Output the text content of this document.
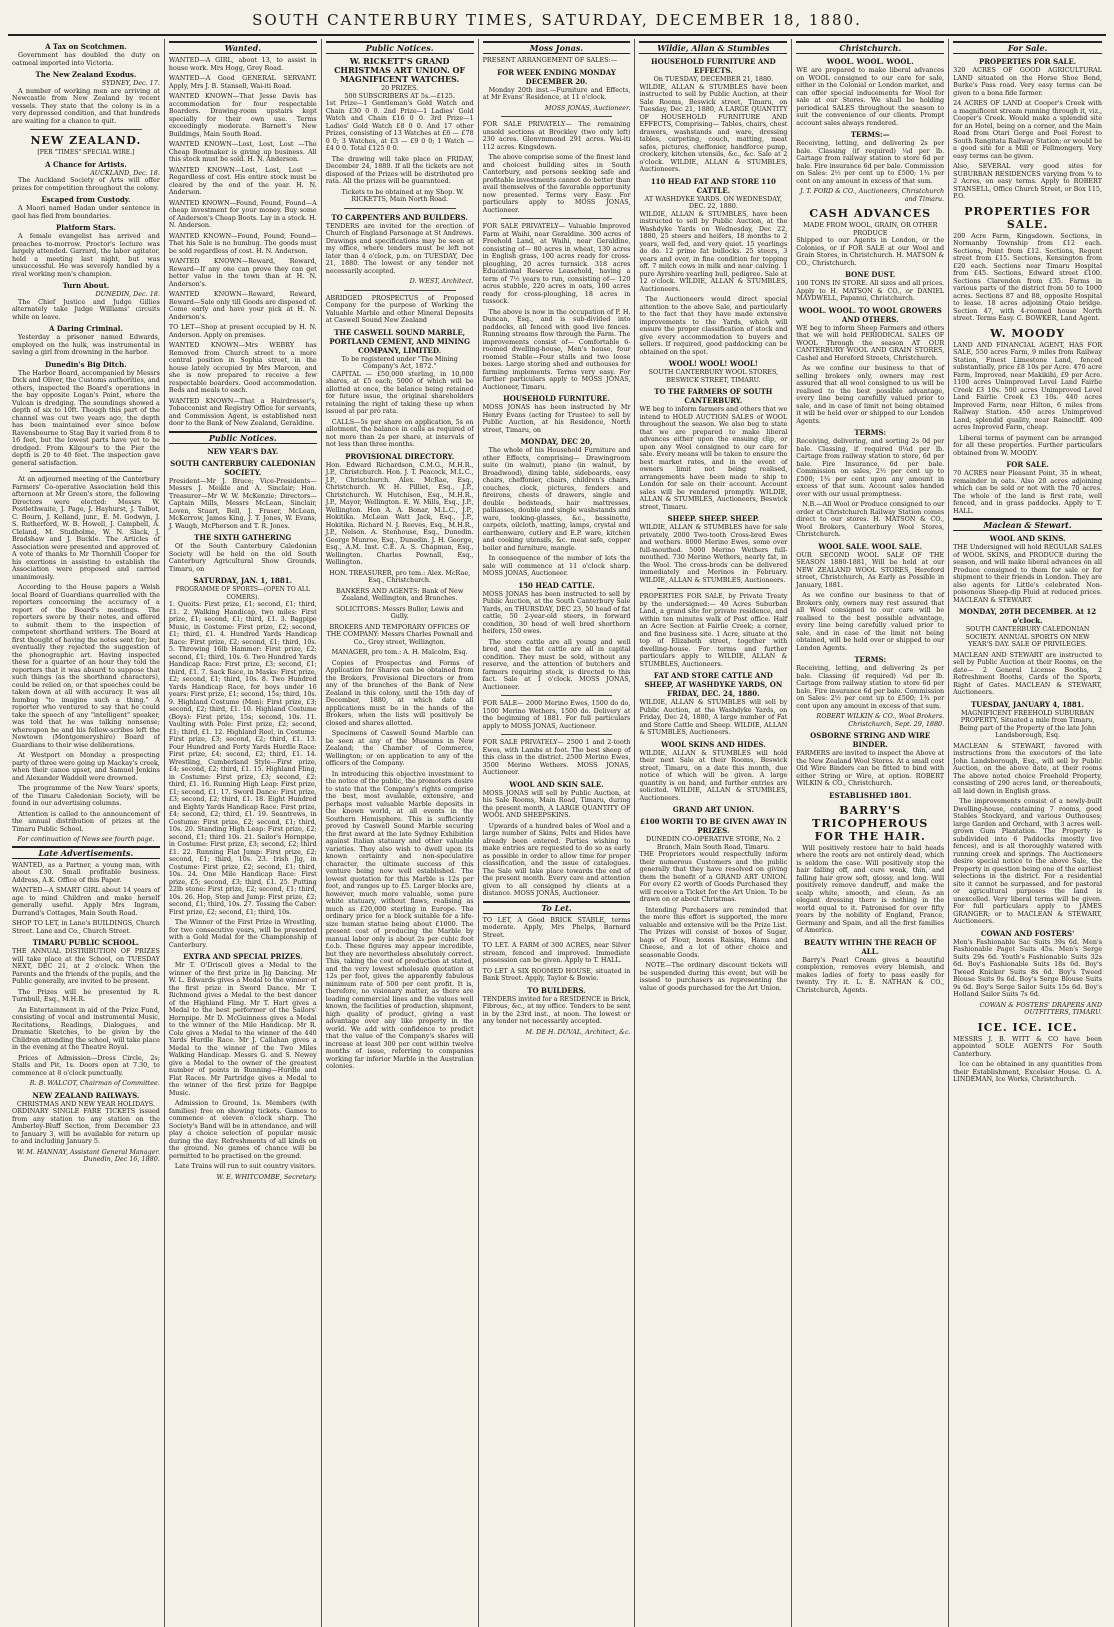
SOUTH CANTERBURY TIMES, SATURDAY, DECEMBER 18, 1880.
A Tax on Scotchmen.

Government has doubled the duty on oatmeal imported into Victoria.

The New Zealand Exodus.
SYDNEY, Dec. 17.

A number of working men are arriving at Newcastle from New Zealand by recent vessels. They state that the colony is in a very depressed condition, and that hundreds are waiting for a chance to quit.

NEW ZEALAND.
[PER "TIMES" SPECIAL WIRE.]
A Chance for Artists.
AUCKLAND, Dec. 18.

The Auckland Society of Arts will offer prizes for competition throughout the colony.

Escaped from Custody.

A Maori named Hadan under sentence in gaol has fled from boundaries.

Platform Stars.

A female evangelist has arrived and preaches to-morrow. Proctor's lecture was largely attended. Garrard, the labor agitator, held a meeting last night, but was unsuccessful. He was severely handled by a rival working men's champion.

Turn About.
DUNEDIN, Dec. 18.

The Chief Justice and Judge Gillies alternately take Judge Williams' circuits while on leave.

A Daring Criminal.

Yesterday a prisoner named Edwards, employed on the hulk, was instrumental in saving a girl from drowning in the harbor.

Dunedin's Big Ditch.

The Harbor Board, accompanied by Messrs Dick and Oliver, the Customs authorities, and others, inspected the Board's operations in the bay opposite Logan's Point, where the Vulcan is dredging. The soundings showed a depth of six to 10ft. Though this part of the channel was cut two years ago, the depth has been maintained ever since below Ravensbourne to Stag Bay it varied from 8 to 16 feet, but the lowest parts have yet to be dredged. From Kilgour's to the Pier the depth is 20 to 40 feet. The inspection gave general satisfaction.

At an adjourned meeting of the Canterbury Farmers' Co-operative Association held this afternoon at Mr Green's store, the following Directors were elected: Messrs W. Postlethwaite, J. Page, J. Hayhurst, J. Talbot, C. Bourn, J. Kelland, junr., E. M. Godwyn, J. S. Rutherford, W. B. Howell, J. Campbell, A. Cleland, M. Studholme, W. N. Slack, J. Bradshaw and J. Buckle. The Articles of Association were presented and approved of. A vote of thanks to Mr Thornhill Cooper for his exertions in assisting to establish the Association were proposed and carried unanimously.

According to the House papers a Welsh local Board of Guardians quarrelled with the reporters concerning the accuracy of a report of the Board's meetings. The reporters swore by their notes, and offered to submit them to the inspection of competent shorthand writers. The Board at first thought of having the notes sent for; but eventually they rejected the suggestion of the phonographic art. Having inspected these for a quarter of an hour they told the reporters that it was absurd to suppose that such things (as the shorthand characters), could be relied on, or that speeches could be taken down at all with accuracy. It was all humbug "to imagine such a thing." A reporter who ventured to say that he could take the speech of any "intelligent" speaker, was told that he was talking nonsense; whereupon he and his fellow-scribes left the Newtown (Montgomeryshire) Board of Guardians to their wise deliberations.

At Westport on Monday a prospecting party of three were going up Mackay's creek, when their canoe upset, and Samuel Jenkins and Alexander Waddell were drowned.

The programme of the New Years' sports, of the Timaru Caledonian Society, will be found in our advertising columns.

Attention is called to the announcement of the annual distribution of prizes at the Timaru Public School.

For continuation of News see fourth page.
Late Advertisements.

WANTED, as a Partner, a young man, with about £30. Small profitable business. Address, A.K. Office of this Paper.

WANTED—A SMART GIRL about 14 years of age to mind Children and make herself generally useful. Apply Mrs Ingram, Durrand's Cottages, Main South Road.

SHOP TO LET, in Lane's BUILDINGS, Church Street. Lane and Co., Church Street.

TIMARU PUBLIC SCHOOL.

THE ANNUAL DISTRIBUTION OF PRIZES will take place at the School, on TUESDAY NEXT, DEC 21, at 2 o'clock. When the Parents and the friends of the pupils, and the Public generally, are invited to be present.

The Prizes will be presented by R. Turnbull, Esq., M.H.R.

An Entertainment in aid of the Prize Fund, consisting of vocal and instrumental Music, Recitations, Readings, Dialogues, and Dramatic Sketches, to be given by the Children attending the school, will take place in the evening at the Theatre Royal.

Prices of Admission—Dress Circle, 2s; Stalls and Pit, 1s. Doors open at 7.30, to commence at 8 o'clock punctually.

R. B. WALCOT, Chairman of Committee.
NEW ZEALAND RAILWAYS.
CHRISTMAS AND NEW YEAR HOLIDAYS.

ORDINARY SINGLE FARE TICKETS issued from any station to any station on the Amberley-Bluff Section, from December 23 to January 3, will be available for return up to and including January 5.

W. M. HANNAY, Assistant General Manager. Dunedin, Dec 16, 1880.
Wanted.

WANTED—A GIRL, about 13, to assist in house work. Mrs Hogg, Grey Road.

WANTED—A Good GENERAL SERVANT. Apply, Mrs J. B. Stansell, Wai-iti Road.

WANTED KNOWN—That Jesse Davis has accommodation for four respectable Boarders. Drawing-room upstairs kept specially for their own use. Terms exceedingly moderate. Barnett's New Buildings, Main South Road.

WANTED KNOWN—Lost, Lost, Lost —The Cheap Bootmaker is giving up business. All this stock must be sold. H. N. Anderson.

WANTED KNOWN—Lost, Lost, Lost —Regardless of cost. His entire stock must be cleared by the end of the year. H. N. Anderson.

WANTED KNOWN—Found, Found, Found—A cheap investment for your money. Buy some of Anderson's Cheap Boots. Lay in a stock. H. N. Anderson.

WANTED KNOWN—Found, Found, Found—That his Sale is no humbug. The goods must be sold regardless of cost. H. N. Anderson.

WANTED KNOWN—Reward, Reward, Reward—If any one can prove they can get better value in the town than at H. N. Anderson's.

WANTED KNOWN—Reward, Reward, Reward—Sale only till Goods are disposed of. Come early and have your pick at H. N. Anderson's.

TO LET—Shop at present occupied by H. N. Anderson. Apply on premises.

WANTED KNOWN—Mrs WEBRY has Removed from Church street to a more central position in Sophia street, in the house lately occupied by Mrs Marcon, and she is now prepared to receive a few respectable boarders. Good accommodation. Beds and meals to each.

WANTED KNOWN—That a Hairdresser's, Tobacconist and Registry Office for servants, and Commission Agent, is established next door to the Bank of New Zealand, Geraldine.

Public Notices.
NEW YEAR'S DAY.
SOUTH CANTERBURY CALEDONIAN SOCIETY.

President—Mr J. Bruce; Vice-Presidents—Messrs J. Meikle and A. Sinclair; Hon. Treasurer—Mr W. W. McKenzie; Directors—Captain Mills, Messrs McLean, Sinclair, Loven, Stuart, Bell, J. Fraser, McLean, McKerrow, James King, J. T. Jones, W. Evans, J. Waugh, McPherson and T. R. Jones.

THE SIXTH GATHERING

Of the South Canterbury Caledonian Society will be held on the old South Canterbury Agricultural Show Grounds, Timaru, on

SATURDAY, JAN. 1, 1881.
PROGRAMME OF SPORTS—(OPEN TO ALL COMERS).

1. Quoits: First prize, £1; second, £1; third, £1. 2. Walking Handicap, two miles: First prize, £1; second, £1; third, £1. 3. Bagpipe Music, in Costume: First prize, £2; second, £1; third, £1. 4. Hundred Yards Handicap Race: First prize, £2; second, £1; third, 10s. 5. Throwing 16lb Hammer: First prize, £2; second, £1; third, 10s. 6. Two Hundred Yards Handicap Race: First prize, £3; second, £1; third, £1. 7. Sack Race, in Masks: First prize, £2; second, £1; third, 10s. 8. Two Hundred Yards Handicap Race, for boys under 16 years: First prize, £1; second, 15s; third, 10s. 9. Highland Costume (Men): First prize, £3; second, £2; third, £1. 10. Highland Costume (Boys): First prize, 15s; second, 10s. 11. Vaulting with Pole: First prize, £2; second, £1; third, £1. 12. Highland Reel, in Costume: First prize, £3; second, £2; third, £1. 13. Four Hundred and Forty Yards Hurdle Race: First prize, £4; second, £2; third, £1. 14. Wrestling, Cumberland Style—First prize, £4; second, £2; third, £1. 15. Highland Fling, in Costume: First prize, £3; second, £2; third, £1. 16. Running High Leap: First prize, £1; second, £1. 17. Sword Dance: First prize, £3; second, £2; third, £1. 18. Eight Hundred and Eighty Yards Handicap Race: First prize, £4; second, £2; third, £1. 19. Seantrews, in Costume: First prize, £2; second, £1; third, 10s. 20. Standing High Leap: First prize, £2; second, £1; third 10s. 21. Sailor's Hornpipe, in Costume: First prize, £3; second, £2; third £1. 22. Running Flat Jump: First prize, £2; second, £1; third, 10s. 23. Irish Jig, in Costume: First prize, £2; second, £1; third, 10s. 24. One Mile Handicap Race: First prize, £5; second, £3; third, £1. 25. Putting 22lb stone: First prize, £2; second, £1; third, 10s. 26. Hop, Step and Jump: First prize, £2; second, £1; third, 10s. 27. Tossing the Caber: First prize, £2; second, £1; third, 10s.

The Winner of the First Prize in Wrestling, for two consecutive years, will be presented with a Gold Medal for the Championship of Canterbury.

EXTRA AND SPECIAL PRIZES.

Mr T. O'Driscoll gives a Medal to the winner of the first prize in Jig Dancing. Mr W. L. Edwards gives a Medal to the winner of the first prize in Sword Dance. Mr T. Richmond gives a Medal to the best dancer of the Highland Fling. Mr T. Hart gives a Medal to the best performer of the Sailors' Hornpipe. Mr D. McGuinness gives a Medal to the winner of the Mile Handicap. Mr R. Cole gives a Medal to the winner of the 440 Yards Hurdle Race. Mr J. Callahan gives a Medal to the winner of the Two Miles Walking Handicap. Messrs G. and S. Newey give a Medal to the owner of the greatest number of points in Running—Hurdle and Flat Races. Mr Partridge gives a Medal to the winner of the first prize for Bagpipe Music.

Admission to Ground, 1s. Members (with families) free on showing tickets. Games to commence at eleven o'clock sharp. The Society's Band will be in attendance, and will play a choice selection of popular music during the day. Refreshments of all kinds on the ground. No games of chance will be permitted to be practised on the ground.

Late Trains will run to suit country visitors.

W. E. WHITCOMBE, Secretary.
Public Notices.
W. RICKETT'S GRAND CHRISTMAS ART UNION. OF MAGNIFICENT WATCHES.
20 PRIZES.
500 SUBSCRIBERS AT 5s.—£125.

1st Prize—1 Gentleman's Gold Watch and Chain £30 0 0. 2nd Prize—1 Ladies' Gold Watch and Chain £16 0 0. 3rd Prize—1 Ladies' Gold Watch £8 0 0. And 17 other Prizes, consisting of 13 Watches at £6 — £78 0 0; 3 Watches, at £3 — £9 0 0; 1 Watch — £4 0 0. Total £125 0 0.

The drawing will take place on FRIDAY, December 24, 1880. If all the tickets are not disposed of the Prizes will be distributed pro rata. All the prizes will be guaranteed.

Tickets to be obtained at my Shop. W. RICKETTS, Main North Road.

TO CARPENTERS AND BUILDERS.

TENDERS are invited for the erection of Church of England Parsonage at St Andrews. Drawings and specifications may be seen at my office, where tenders must be left not later than 4 o'clock, p.m. on TUESDAY, Dec 21, 1880. The lowest or any tender not necessarily accepted.

D. WEST, Architect.

ABRIDGED PROSPECTUS of Proposed Company for the purpose of Working the Valuable Marble and other Mineral Deposits at Caswell Sound New Zealand

THE CASWELL SOUND MARBLE, PORTLAND CEMENT, AND MINING COMPANY, LIMITED.
To be registered under "The Mining Company's Act, 1872."

CAPITAL — £50,000 sterling, in 10,000 shares, at £5 each; 5000 of which will be allotted at once, the balance being retained for future issue, the original shareholders retaining the right of taking these up when issued at par pro rata.

CALLS—5s per share on application, 5s on allotment, the balance in calls as required of not more than 2s per share, at intervals of not less than three months.

PROVISIONAL DIRECTORY.

Hon. Edward Richardson, C.M.G., M.H.R., J.P., Christchurch. Hon. J. T. Peacock, M.L.C., J.P., Christchurch. Alex. McRae, Esq., Christchurch. W. H. Pilliet, Esq., J.P., Christchurch. W. Hutchison, Esq., M.H.R., J.P., Mayor, Wellington. E. W. Mills, Esq., J.P., Wellington. Hon A. A. Bonar, M.L.C., J.P., Hokitika. McLean Watt Jack, Esq., J.P., Hokitika. Richard N. J. Reeves, Esq., M.H.R., J.P., Nelson. A. Stenhouse, Esq., Dunedin. George Munroe, Esq., Dunedin. J. H. George, Esq., A.M. Inst. C.E. A. S. Chapman, Esq., Wellington. Charles Pownall, Esq., Wellington.

HON. TREASURER, pro tem.: Alex. McRae, Esq., Christchurch.

BANKERS AND AGENTS: Bank of New Zealand, Wellington, and Branches.

SOLICITORS: Messrs Buller, Lewis and Gully.

BROKERS AND TEMPORARY OFFICES OF THE COMPANY: Messrs Charles Pownall and Co., Grey street, Wellington.

MANAGER, pro tem.: A. H. Malcolm, Esq.

Copies of Prospectus and Forms of Application for Shares can be obtained from the Brokers, Provisional Directors or from any of the branches of the Bank of New Zealand in this colony, until the 15th day of December, 1880, at which date all applications must be in the hands of the Brokers, when the lists will positively be closed and shares allotted.

Specimens of Caswell Sound Marble can be seen at any of the Museums in New Zealand; the Chamber of Commerce, Wellington; or on application to any of the officers of the Company.

In introducing this objective investment to the notice of the public, the promoters desire to state that the Company's rights comprise the best, most available, extensive, and perhaps most valuable Marble deposits in the known world, at all events in the Southern Hemisphere. This is sufficiently proved by Caswell Sound Marble securing the first award at the late Sydney Exhibition against Italian statuary and other valuable varieties. They also wish to dwell upon its known certainty and non-speculative character, the ultimate success of this venture being now well established. The lowest quotation for this Marble is 12s per foot, and ranges up to £5. Larger blocks are, however, much more valuable, some pure white statuary, without flaws, realising as much as £20,000 sterling in Europe. The ordinary price for a block suitable for a life-size human statue being about £1000. The present cost of producing the Marble by manual labor only is about 2s per cubic foot f.o.b. These figures may appear incredible, but they are nevertheless absolutely correct. This, taking the cost of production at stated, and the very lowest wholesale quotation at 12s per foot, gives the apparently fabulous minimum rate of 500 per cent profit. It is, therefore, no visionary matter, as there are leading commercial lines and the values well known, the facilities of production, shipment, high quality of product, giving a vast advantage over any like property in the world. We add with confidence to predict that the value of the Company's shares will increase at least 300 per cent within twelve months of issue, referring to companies working far inferior Marble in the Australian colonies.

Moss Jonas.

PRESENT ARRANGEMENT OF SALES:—

FOR WEEK ENDING MONDAY DECEMBER 20.

Monday 20th inst.—Furniture and Effects, at Mr Evans' Residence, at 11 o'clock.

MOSS JONAS, Auctioneer.

FOR SALE PRIVATELY— The remaining unsold sections at Brockley (two only left) 230 acres. Glenvmmond 291 acres. Wai-iti 112 acres. Kingsdown.

The above comprise some of the finest land and choicest building sites in South Canterbury, and persons seeking safe and profitable investments cannot do better than avail themselves of the favorable opportunity now presented. Terms very Easy. For particulars apply to MOSS JONAS, Auctioneer.

FOR SALE PRIVATELY— Valuable Improved Farm at Waihi, near Geraldine. 300 acres of Freehold Land, at Waihi, near Geraldine, consisting of— 80 acres in wheat, 130 acres in English grass, 100 acres ready for cross-ploughing, 20 acres turnsick. 318 acres Educational Reserve Leasehold, having a term of 7½ years to run, consisting of— 120 acres stubble, 220 acres in oats, 100 acres ready for cross-ploughing, 18 acres in tussock.

The above is now in the occupation of P. H. Duncan, Esq., and is sub-divided into paddocks, all fenced with good live fences. Running streams flow through the Farm. The improvements consist of— Comfortable 6-roomed dwelling-house, Men's house, four roomed Stable—Four stalls and two loose boxes. Large storing shed and outhouses for farming implements. Terms very easy. For further particulars apply to MOSS JONAS, Auctioneer, Timaru.

HOUSEHOLD FURNITURE.

MOSS JONAS has been instructed by Mr Henry Evans (acting for Trustee) to sell by Public Auction, at his Residence, North street, Timaru, on

MONDAY, DEC 20,

The whole of his Household Furniture and other Effects, comprising— Drawingroom suite (in walnut), piano (in walnut, by Broadwood), dining table, sideboards, easy chairs, cheffonier, chairs, children's chairs, couches, clock, pictures, fenders and fireirons, chests of drawers, single and double bedsteads, hair mattresses, palliasses, double and single washstands and ware, looking-glasses, &c., bassinette, carpets, oilcloth, matting, lamps, crystal and earthenware, cutlery and E.P. ware, kitchen and cooking utensils, &c. meat safe, copper boiler and furniture, mangle.

In consequence of the number of lots the sale will commence at 11 o'clock sharp. MOSS JONAS, Auctioneer.

150 HEAD CATTLE.

MOSS JONAS has been instructed to sell by Public Auction, at the South Canterbury Sale Yards, on THURSDAY, DEC 23, 50 head of fat cattle, 50 2-year-old steers, in forward condition, 30 head of well bred shorthorn heifers, 150 ewes.

The store cattle are all young and well bred, and the fat cattle are all in capital condition. They must be sold, without any reserve, and the attention of butchers and farmers requiring stock, is directed to this fact. Sale at 1 o'clock. MOSS JONAS, Auctioneer.

FOR SALE— 2000 Merino Ewes, 1500 do do, 1500 Merino Wethers, 1500 do. Delivery at the beginning of 1881. For full particulars apply to MOSS JONAS, Auctioneer.

FOR SALE PRIVATELY— 2500 1 and 2-tooth Ewes, with Lambs at foot. The best sheep of this class in the district. 2500 Merino Ewes, 3500 Merino Wethers. MOSS JONAS, Auctioneer.

WOOL AND SKIN SALE.

MOSS JONAS will sell by Public Auction, at his Sale Rooms, Main Road, Timaru, during the present month, A LARGE QUANTITY OF WOOL AND SHEEPSKINS.

Upwards of a hundred bales of Wool and a large number of Skins, Pelts and Hides have already been entered. Parties wishing to make entries are requested to do so as early as possible in order to allow time for proper classification, and the issue of catalogues. The Sale will take place towards the end of the present month. Every care and attention given to all consigned by clients at a distance. MOSS JONAS, Auctioneer.

To Let.

TO LET, A Good BRICK STABLE, terms moderate. Apply, Mrs Phelps, Barnard Street.

TO LET. A FARM of 300 ACRES, near Silver stream, fenced and improved. Immediate possession can be given. Apply to T. HALL.

TO LET A SIX ROOMED HOUSE, situated in Bank Street. Apply, Taylor & Bowie.

TO BUILDERS.

TENDERS invited for a RESIDENCE in Brick, Fibrous, &c., at my office. Tenders to be sent in by the 23rd inst., at noon. The lowest or any tender not necessarily accepted.

M. DE H. DUVAL, Architect, &c.
Wildie, Allan & Stumbles
HOUSEHOLD FURNITURE AND EFFECTS.
On TUESDAY, DECEMBER 21, 1880.

WILDIE, ALLAN & STUMBLES have been instructed to sell by Public Auction, at their Sale Rooms, Beswick street, Timaru, on Tuesday, Dec 21, 1880, A LARGE QUANTITY OF HOUSEHOLD FURNITURE AND EFFECTS, Comprising— Tables, chairs, chest drawers, washstands and ware, dressing tables, carpeting, couch, matting, meat safes, pictures, cheffonier, handforce pump, crockery, kitchen utensils, &c., &c. Sale at 2 o'clock. WILDIE, ALLAN & STUMBLES, Auctioneers.

110 HEAD FAT AND STORE 110 CATTLE.
AT WASHDYKE YARDS. ON WEDNESDAY, DEC. 22, 1880.

WILDIE, ALLAN & STUMBLES, have been instructed to sell by Public Auction, at the Washdyke Yards on Wednesday, Dec 22, 1880, 25 steers and heifers, 18 months to 2 years, well fed, and very quiet. 15 yearlings do do. 12 prime fat bullocks. 25 steers, 3 years and over, in fine condition for topping off. 7 milch cows in milk and near calving. 1 pure Ayrshire yearling bull, pedigree. Sale at 12 o'clock. WILDIE, ALLAN & STUMBLES, Auctioneers.

The Auctioneers would direct special attention to the above Sale, and particularly to the fact that they have made extensive improvements to the Yards, which will ensure the proper classification of stock and give every accommodation to buyers and sellers. If required, good paddocking can be obtained on the spot.

WOOL! WOOL! WOOL!
SOUTH CANTERBURY WOOL STORES, BESWICK STREET, TIMARU.
TO THE FARMERS OF SOUTH CANTERBURY.

WE beg to inform farmers and others that we intend to HOLD AUCTION SALES of WOOL throughout the season. We also beg to state that we are prepared to make liberal advances either upon the ensuing clip, or upon any Wool consigned to our care for sale. Every means will be taken to ensure the best market rates, and in the event of owners limit not being realised, arrangements have been made to ship to London for sale on their account. Account sales will be rendered promptly. WILDIE, ALLAN & STUMBLES, Auctioneers, Beswick street, Timaru.

SHEEP. SHEEP. SHEEP.

WILDIE, ALLAN & STUMBLES have for sale privately, 2000 Two-tooth Cross-bred Ewes and wethers. 8000 Merino Ewes, some over full-mouthed. 5000 Merino Wethers full-mouthed. 730 Merino Wethers, nearly fat, in the Wool. The cross-breds can be delivered immediately and Merinos in February. WILDIE, ALLAN & STUMBLES, Auctioneers.

PROPERTIES FOR SALE, by Private Treaty by the undersigned:— 40 Acres Suburban Land, a grand site for private residence, and within ten minutes walk of Post office. Half an Acre Section at Fairlie Creek; a corner, and fine business site. 1 Acre, situate at the top of Elizabeth street, together with dwelling-house. For terms and further particulars apply to WILDIE, ALLAN & STUMBLES, Auctioneers.

FAT AND STORE CATTLE AND SHEEP, AT WASHDYKE YARDS, ON FRIDAY, DEC. 24, 1880.

WILDIE, ALLAN & STUMBLES will sell by Public Auction, at the Washdyke Yards, on Friday, Dec 24, 1880, A large number of Fat and Store Cattle and Sheep. WILDIE, ALLAN & STUMBLES, Auctioneers.

WOOL SKINS AND HIDES.

WILDIE, ALLAN & STUMBLES will hold their next Sale at their Rooms, Beswick street, Timaru, on a date this month, due notice of which will be given. A large quantity is on hand, and further entries are solicited. WILDIE, ALLAN & STUMBLES, Auctioneers.

GRAND ART UNION.
£100 WORTH TO BE GIVEN AWAY IN PRIZES.
DUNEDIN CO-OPERATIVE STORE, No. 2 Branch, Main South Road, Timaru.

THE Proprietors would respectfully inform their numerous Customers and the public generally that they have resolved on giving them the benefit of a GRAND ART UNION. For every £2 worth of Goods Purchased they will receive a Ticket for the Art Union. To be drawn on or about Christmas.

Intending Purchasers are reminded that the more this effort is supported, the more valuable and extensive will be the Prize List. The Prizes will consist of boxes of Sugar, bags of Flour, boxes Raisins, Hams and Cheese, and a lot of other choice and seasonable Goods.

NOTE—The ordinary discount tickets will be suspended during this event, but will be issued to purchasers as representing the value of goods purchased for the Art Union.

Christchurch.
WOOL. WOOL. WOOL.

WE are prepared to make liberal advances on WOOL consigned to our care for sale, either in the Colonial or London market, and can offer special inducements for Wool for sale at our Stores. We shall be holding periodical SALES throughout the season to suit the convenience of our clients. Prompt account sales always rendered.

TERMS:—

Receiving, letting, and delivering 2s per bale. Classing (if required) ¼d per lb. Cartage from railway station to store 6d per bale. Fire insurance 6d per bale. Commission on Sales: 2½ per cent up to £500; 1¾ per cent on any amount in excess of that sum.

J. T. FORD & CO., Auctioneers, Christchurch and Timaru.
CASH ADVANCES
MADE FROM WOOL, GRAIN, OR OTHER PRODUCE

Shipped to our Agents in London, or the Colonies, or if FOR SALE at our Wool and Grain Stores, in Christchurch. H. MATSON & CO., Christchurch.

BONE DUST.

100 TONS IN STORE. All sizes and all prices. Apply to H. MATSON & CO., or DANIEL MAYDWELL, Papanui, Christchurch.

WOOL. WOOL. TO WOOL GROWERS AND OTHERS.

WE beg to inform Sheep Farmers and others that we will hold PERIODICAL SALES OF WOOL Through the season AT OUR CANTERBURY WOOL AND GRAIN STORES, Cashel and Hereford Streets, Christchurch.

As we confine our business to that of selling brokers only, owners may rest assured that all wool consigned to us will be realised to the best possible advantage, every line being carefully valued prior to sale, and in case of limit not being obtained it will be held over or shipped to our London Agents.

TERMS:

Receiving, delivering, and sorting 2s 0d per bale. Classing, if required 0¼d per lb. Cartage from railway station to store, 6d per bale. Fire Insurance, 6d per bale. Commission on sales, 2½ per cent up to £500; 1¾ per cent upon any amount in excess of that sum. Account sales handed over with our usual promptness.

N.B.—All Wool or Produce consigned to our order at Christchurch Railway Station comes direct to our stores. H. MATSON & CO., Wool Brokers, Canterbury Wool Stores, Christchurch.

WOOL SALE. WOOL SALE.

OUR SECOND WOOL SALE OF THE SEASON 1880-1881, Will be held at our NEW ZEALAND WOOL STORES, Hereford street, Christchurch, As Early as Possible in January, 1881.

As we confine our business to that of Brokers only, owners may rest assured that all Wool consigned to our care will be realised to the best possible advantage, every line being carefully valued prior to sale, and in case of the limit not being obtained, will be held over or shipped to our London Agents.

TERMS:

Receiving, letting, and delivering 2s per bale. Classing (if required) ¼d per lb. Cartage from railway station to store 6d per bale. Fire insurance 6d per bale. Commission on Sales: 2½ per cent up to £500; 1¾ per cent upon any amount in excess of that sum.

ROBERT WILKIN & CO., Wool Brokers. Christchurch, Sept. 29, 1880.
OSBORNE STRING AND WIRE BINDER.

FARMERS are invited to inspect the Above at the New Zealand Wool Stores. At a small cost Old Wire Binders can be fitted to bind with either String or Wire, at option. ROBERT WILKIN & CO., Christchurch.

ESTABLISHED 1801.
BARRY'S TRICOPHEROUS FOR THE HAIR.

Will positively restore hair to bald heads where the roots are not entirely dead, which is seldom the case. Will positively stop the hair falling off, and cure weak, thin, and falling hair grow soft, glossy, and long. Will positively remove dandruff, and make the scalp white, smooth, and clean. As an elegant dressing there is nothing in the world equal to it. Patronised for over fifty years by the nobility of England, France, Germany and Spain, and all the first families of America.

BEAUTY WITHIN THE REACH OF ALL.

Barry's Pearl Cream gives a beautiful complexion, removes every blemish, and makes ladies of forty to pass easily for twenty. Try it. L. E. NATHAN & CO., Christchurch, Agents.

For Sale.
PROPERTIES FOR SALE.

320 ACRES OF GOOD AGRICULTURAL LAND situated on the Horse Shoe Bend, Burke's Pass road. Very easy terms can be given to a bona fide farmer.

24 ACRES OF LAND at Cooper's Creek with a magnificent stream running through it, viz., Cooper's Creek. Would make a splendid site for an Hotel, being on a corner, and the Main Road from Otari Gorge and Poel Forest to South Rangitata Railway Station; or would be a good site for a Mill or Fellmongery. Very easy terms can be given.

Also, SEVERAL very good sites for SUBURBAN RESIDENCES varying from ¼ to 2 Acres, on easy terms. Apply to ROBERT STANSELL, Office Church Street, or Box 115, P.O.

PROPERTIES FOR SALE.

200 Acre Farm, Kingsdown. Sections, in Normanby Township from £12 each. Sections, Point from £12. Sections, Regent street from £15. Sections, Kensington from £20 each. Sections near Timaru Hospital from £45. Sections, Edward street £100. Sections Clarendon from £35. Farms in various parts of the district from 50 to 1000 acres. Sections 87 and 88, opposite Hospital to lease. 18 acres adjoining Otaio bridge. Section 47, with 4-roomed house North street. Terms Easy. C. BOWKER, Land Agent.

W. MOODY

LAND AND FINANCIAL AGENT, HAS FOR SALE, 550 acres Farm, 9 miles from Railway Station, Finest Limestone Land, fenced substantially, price £8 10s per Acre. 470 acre Farm, Improved, near Makikihi, £9 per Acre. 1100 acres Unimproved Level Land Fairlie Creek £3 10s. 500 acres Unimproved Level Land Fairlie Creek £3 10s. 440 acres Improved Farm, near Hilton, 6 miles from Railway Station. 450 acres Unimproved Land, splendid quality, near Rainecliff. 400 acres Improved Farm, cheap.

Liberal terms of payment can be arranged for all these properties. Further particulars obtained from W. MOODY.

FOR SALE.

70 ACRES near Pleasant Point, 35 in wheat, remainder in oats. Also 20 acres adjoining which can be sold or not with the 70 acres. The whole of the land is first rate, well fenced, and in grass paddocks. Apply to T. HALL.

Maclean & Stewart.
WOOL AND SKINS.

THE Undersigned will hold REGULAR SALES of WOOL SKINS, and PRODUCE during the season, and will make liberal advances on all Produce consigned to them for sale or for shipment to their friends in London. They are also agents for Little's celebrated Non-poisonous Sheep-dip Fluid at reduced prices. MACLEAN & STEWART.

MONDAY, 20TH DECEMBER. At 12 o'clock.

SOUTH CANTERBURY CALEDONIAN SOCIETY. ANNUAL SPORTS ON NEW YEAR'S DAY. SALE OF PRIVILEGES.

MACLEAN AND STEWART are instructed to sell by Public Auction at their Rooms, on the date— 2 General License Booths, 2 Refreshment Booths, Cards of the Sports, Right of Gates. MACLEAN & STEWART, Auctioneers.

TUESDAY, JANUARY 4, 1881.

MAGNIFICENT FREEHOLD SUBURBAN PROPERTY, Situated a mile from Timaru, Being part of the Property of the late John Landsborough, Esq.

MACLEAN & STEWART, favored with instructions from the executors of the late John Landsborough, Esq., will sell by Public Auction, on the above date, at their rooms The above noted choice Freehold Property, consisting of 290 acres land, or thereabouts, all laid down in English grass.

The improvements consist of a newly-built Dwelling-house, containing 7 rooms, good Stables Stockyard, and various Outhouses; large Garden and Orchard, with 3 acres well-grown Gum Plantation. The Property is subdivided into 6 Paddocks (mostly live fences), and is all thoroughly watered with running creek and springs. The Auctioneers desire special notice to the above Sale, the Property in question being one of the earliest selections in the district. For a residential site it cannot be surpassed, and for pastoral or agricultural purposes the land is unexcelled. Very liberal terms will be given. For full particulars apply to JAMES GRANGER; or to MACLEAN & STEWART, Auctioneers.

COWAN AND FOSTERS'

Men's Fashionable Sac Suits 39s 6d. Men's Fashionable Paget Suits 45s. Men's Serge Suits 29s 6d. Youth's Fashionable Suits 32s 6d. Boy's Fashionable Suits 18s 6d. Boy's Tweed Knicker Suits 8s 6d. Boy's Tweed Blouse Suits 9s 6d. Boy's Serge Blouse Suits 9s 6d. Boy's Serge Sailor Suits 15s 6d. Boy's Holland Sailor Suits 7s 6d.

COWAN & FOSTERS' DRAPERS AND OUTFITTERS, TIMARU.
ICE. ICE. ICE.

MESSRS J. B. WITT & CO have been appointed SOLE AGENTS For South Canterbury.

Ice can be obtained in any quantities from their Establishment, Excelsior House. G. A. LINDEMAN, Ice Works, Christchurch.
